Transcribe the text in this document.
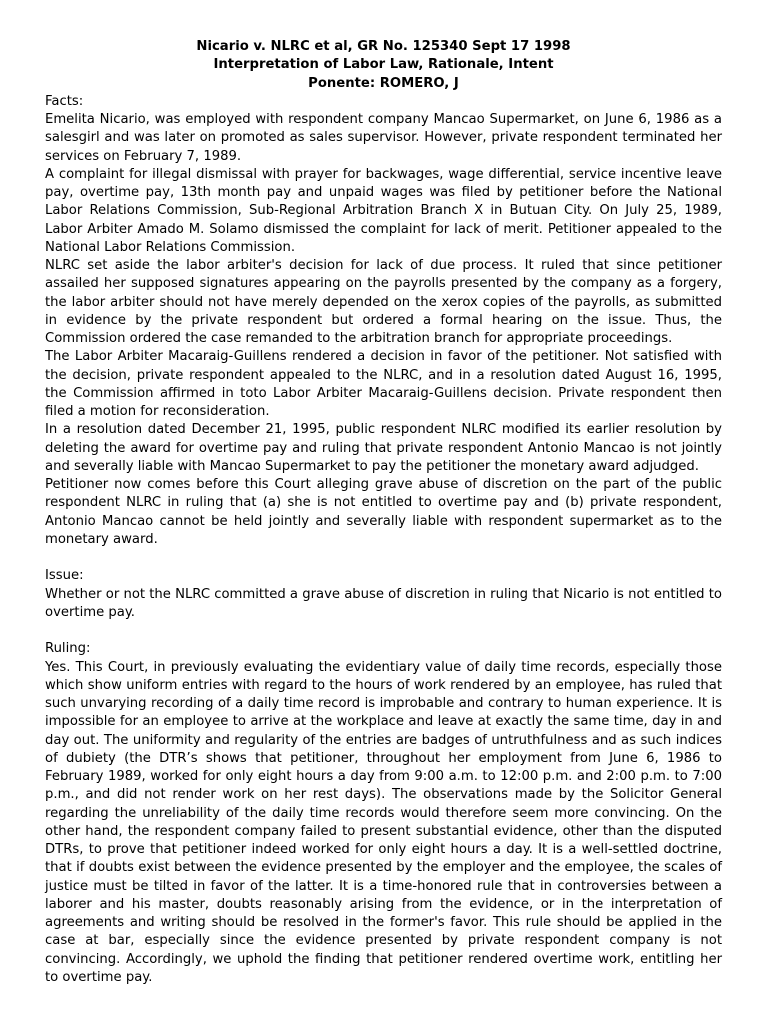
Nicario v. NLRC et al, GR No. 125340 Sept 17 1998
Interpretation of Labor Law, Rationale, Intent
Ponente: ROMERO, J

Facts:

Emelita Nicario, was employed with respondent company Mancao Supermarket, on June 6, 1986 as a salesgirl and was later on promoted as sales supervisor. However, private respondent terminated her services on February 7, 1989.

A complaint for illegal dismissal with prayer for backwages, wage differential, service incentive leave pay, overtime pay, 13th month pay and unpaid wages was filed by petitioner before the National Labor Relations Commission, Sub-Regional Arbitration Branch X in Butuan City. On July 25, 1989, Labor Arbiter Amado M. Solamo dismissed the complaint for lack of merit. Petitioner appealed to the National Labor Relations Commission.

NLRC set aside the labor arbiter's decision for lack of due process. It ruled that since petitioner assailed her supposed signatures appearing on the payrolls presented by the company as a forgery, the labor arbiter should not have merely depended on the xerox copies of the payrolls, as submitted in evidence by the private respondent but ordered a formal hearing on the issue. Thus, the Commission ordered the case remanded to the arbitration branch for appropriate proceedings.

The Labor Arbiter Macaraig-Guillens rendered a decision in favor of the petitioner. Not satisfied with the decision, private respondent appealed to the NLRC, and in a resolution dated August 16, 1995, the Commission affirmed in toto Labor Arbiter Macaraig-Guillens decision. Private respondent then filed a motion for reconsideration.

In a resolution dated December 21, 1995, public respondent NLRC modified its earlier resolution by deleting the award for overtime pay and ruling that private respondent Antonio Mancao is not jointly and severally liable with Mancao Supermarket to pay the petitioner the monetary award adjudged.

Petitioner now comes before this Court alleging grave abuse of discretion on the part of the public respondent NLRC in ruling that (a) she is not entitled to overtime pay and (b) private respondent, Antonio Mancao cannot be held jointly and severally liable with respondent supermarket as to the monetary award.

Issue:

Whether or not the NLRC committed a grave abuse of discretion in ruling that Nicario is not entitled to overtime pay.

Ruling:

Yes. This Court, in previously evaluating the evidentiary value of daily time records, especially those which show uniform entries with regard to the hours of work rendered by an employee, has ruled that such unvarying recording of a daily time record is improbable and contrary to human experience. It is impossible for an employee to arrive at the workplace and leave at exactly the same time, day in and day out. The uniformity and regularity of the entries are badges of untruthfulness and as such indices of dubiety (the DTR’s shows that petitioner, throughout her employment from June 6, 1986 to February 1989, worked for only eight hours a day from 9:00 a.m. to 12:00 p.m. and 2:00 p.m. to 7:00 p.m., and did not render work on her rest days). The observations made by the Solicitor General regarding the unreliability of the daily time records would therefore seem more convincing. On the other hand, the respondent company failed to present substantial evidence, other than the disputed DTRs, to prove that petitioner indeed worked for only eight hours a day. It is a well-settled doctrine, that if doubts exist between the evidence presented by the employer and the employee, the scales of justice must be tilted in favor of the latter. It is a time-honored rule that in controversies between a laborer and his master, doubts reasonably arising from the evidence, or in the interpretation of agreements and writing should be resolved in the former's favor. This rule should be applied in the case at bar, especially since the evidence presented by private respondent company is not convincing. Accordingly, we uphold the finding that petitioner rendered overtime work, entitling her to overtime pay.
